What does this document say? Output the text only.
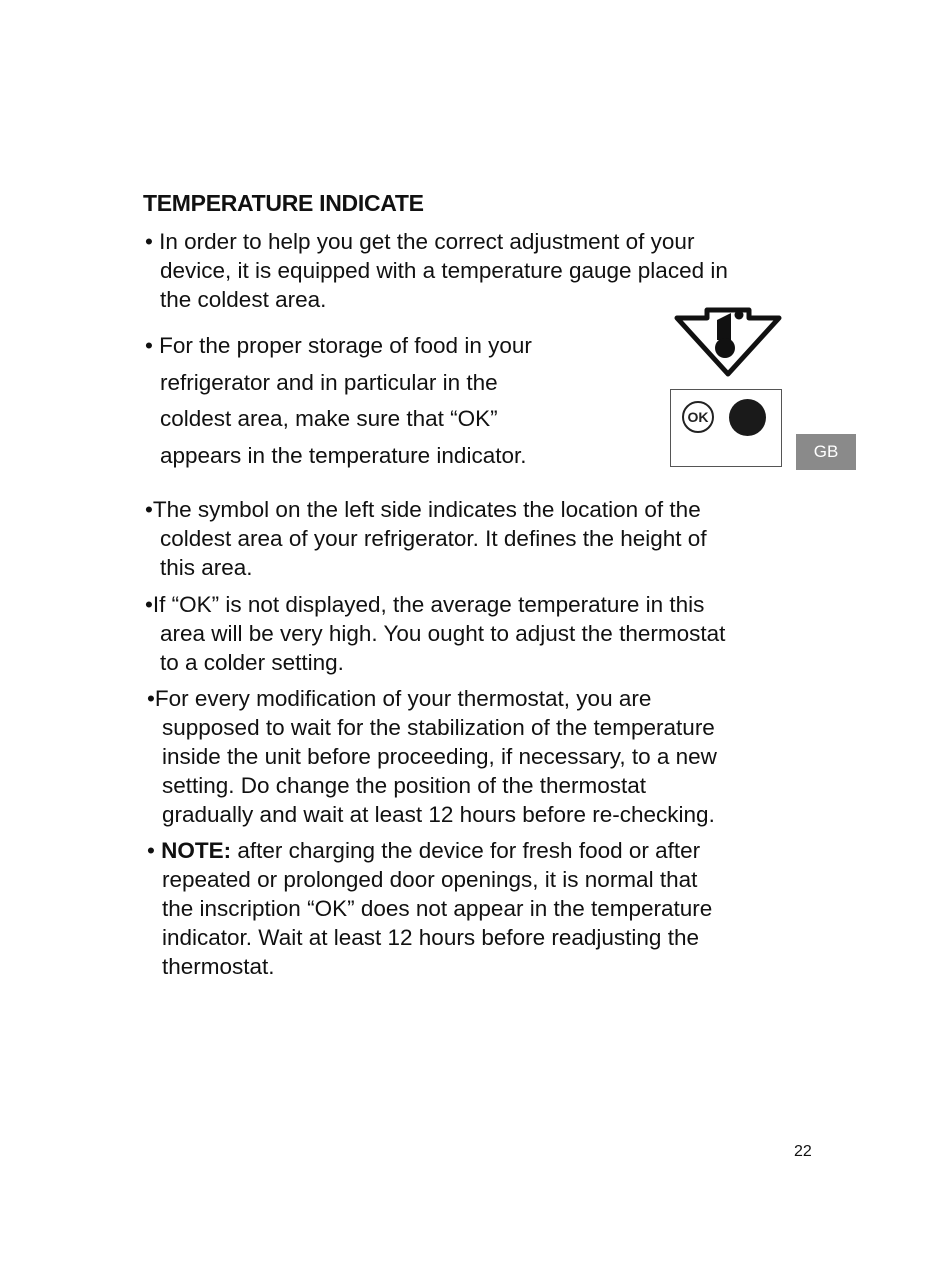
TEMPERATURE INDICATE

• In order to help you get the correct adjustment of your
device, it is equipped with a temperature gauge placed in
the coldest area.

• For the proper storage of food in your
refrigerator and in particular in the
coldest area, make sure that “OK”
appears in the temperature indicator.

OK
GB

•The symbol on the left side indicates the location of the
coldest area of your refrigerator. It defines the height of
this area.

•If “OK” is not displayed, the average temperature in this
area will be very high. You ought to adjust the thermostat
to a colder setting.

•For every modification of your thermostat, you are
supposed to wait for the stabilization of the temperature
inside the unit before proceeding, if necessary, to a new
setting. Do change the position of the thermostat
gradually and wait at least 12 hours before re-checking.

• NOTE: after charging the device for fresh food or after
repeated or prolonged door openings, it is normal that
the inscription “OK” does not appear in the temperature
indicator. Wait at least 12 hours before readjusting the
thermostat.

22
